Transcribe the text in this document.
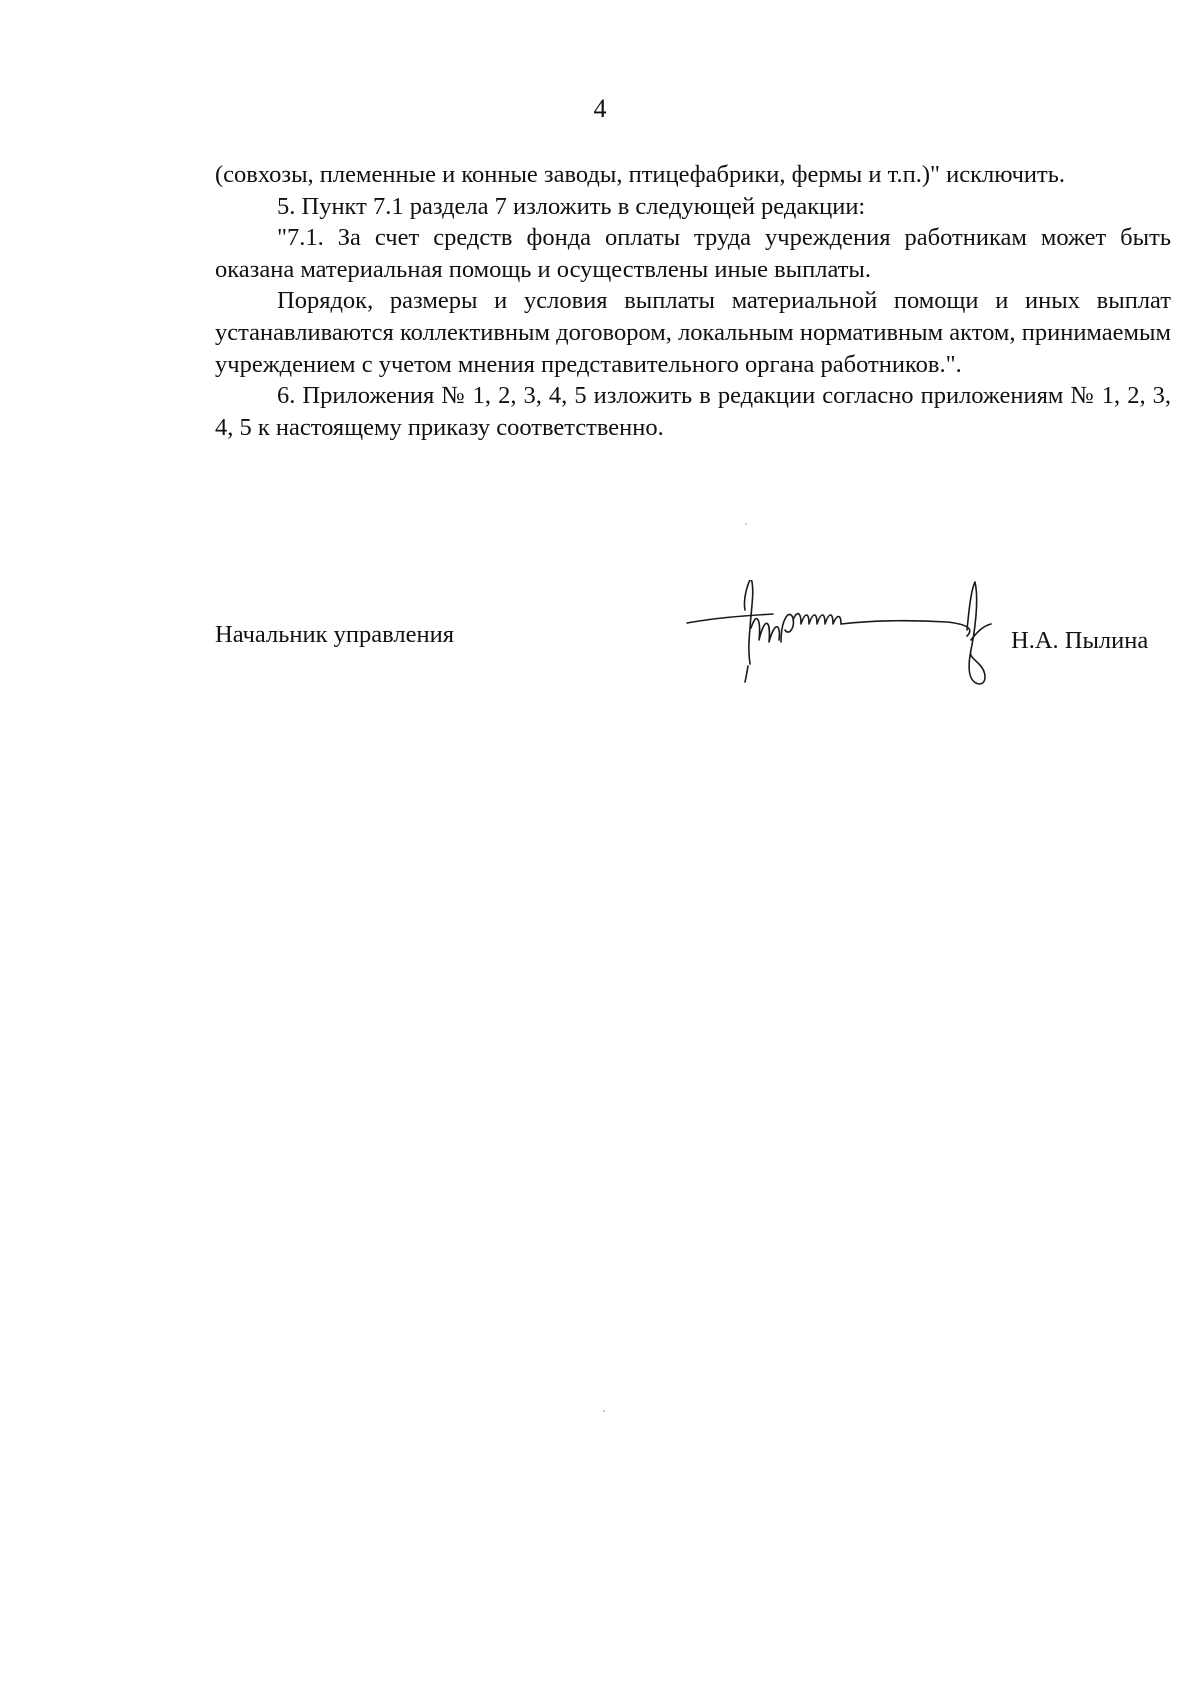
4

(совхозы, племенные и конные заводы, птицефабрики, фермы и т.п.)" исключить.

5. Пункт 7.1 раздела 7 изложить в следующей редакции:

"7.1. За счет средств фонда оплаты труда учреждения работникам может быть оказана материальная помощь и осуществлены иные выплаты.

Порядок, размеры и условия выплаты материальной помощи и иных выплат устанавливаются коллективным договором, локальным нормативным актом, принимаемым учреждением с учетом мнения представительного органа работников.".

6. Приложения № 1, 2, 3, 4, 5 изложить в редакции согласно приложениям № 1, 2, 3, 4, 5 к настоящему приказу соответственно.

Начальник управления	Н.А. Пылина
